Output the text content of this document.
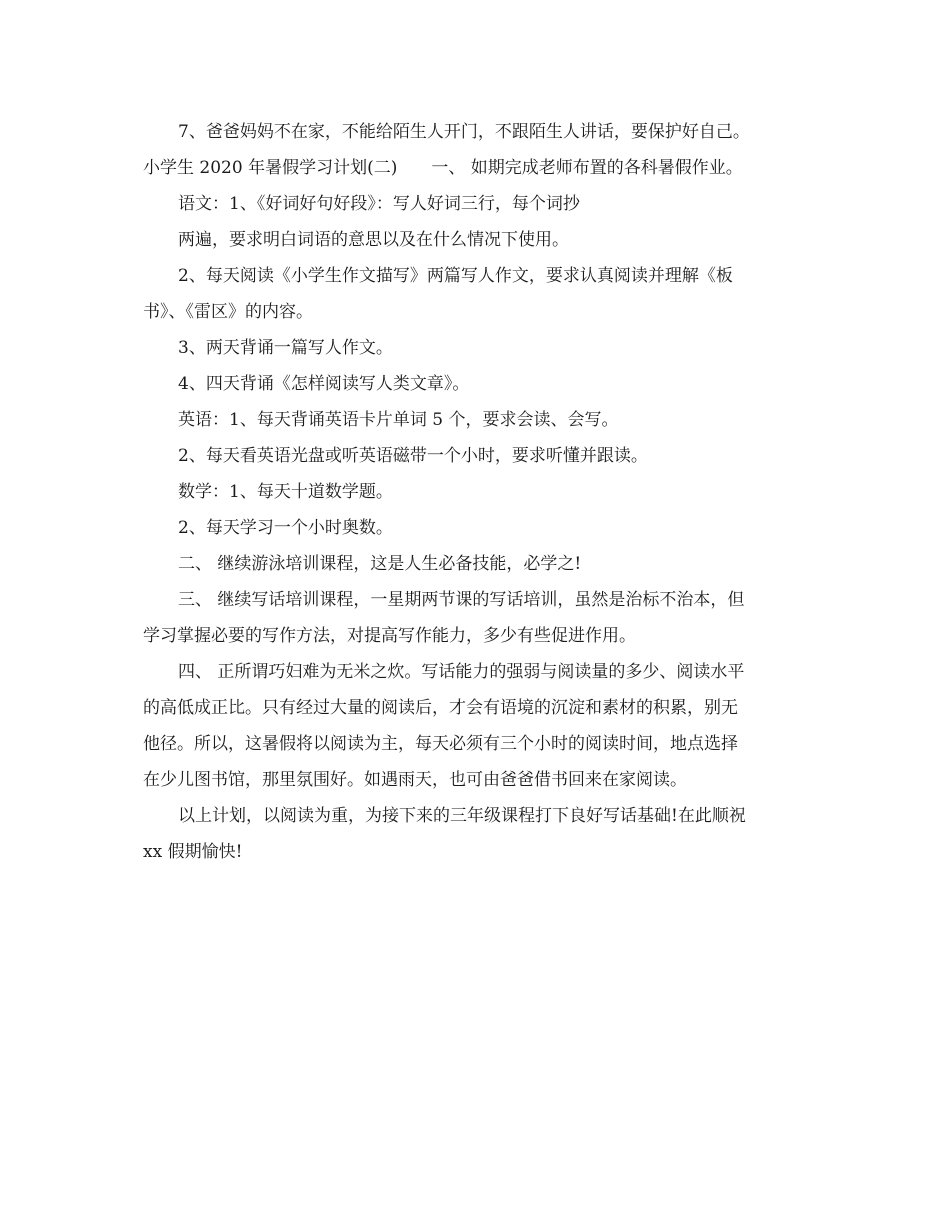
7、爸爸妈妈不在家，不能给陌生人开门，不跟陌生人讲话，要保护好自己。
小学生 2020 年暑假学习计划(二)　　一、 如期完成老师布置的各科暑假作业。
语文：1、《好词好句好段》：写人好词三行，每个词抄
两遍，要求明白词语的意思以及在什么情况下使用。
2、每天阅读《小学生作文描写》两篇写人作文，要求认真阅读并理解《板
书》、《雷区》的内容。
3、两天背诵一篇写人作文。
4、四天背诵《怎样阅读写人类文章》。
英语：1、每天背诵英语卡片单词 5 个，要求会读、会写。
2、每天看英语光盘或听英语磁带一个小时，要求听懂并跟读。
数学：1、每天十道数学题。
2、每天学习一个小时奥数。
二、 继续游泳培训课程，这是人生必备技能，必学之!
三、 继续写话培训课程，一星期两节课的写话培训，虽然是治标不治本，但
学习掌握必要的写作方法，对提高写作能力，多少有些促进作用。
四、 正所谓巧妇难为无米之炊。写话能力的强弱与阅读量的多少、阅读水平
的高低成正比。只有经过大量的阅读后，才会有语境的沉淀和素材的积累，别无
他径。所以，这暑假将以阅读为主，每天必须有三个小时的阅读时间，地点选择
在少儿图书馆，那里氛围好。如遇雨天，也可由爸爸借书回来在家阅读。
以上计划，以阅读为重，为接下来的三年级课程打下良好写话基础!在此顺祝
xx 假期愉快!
